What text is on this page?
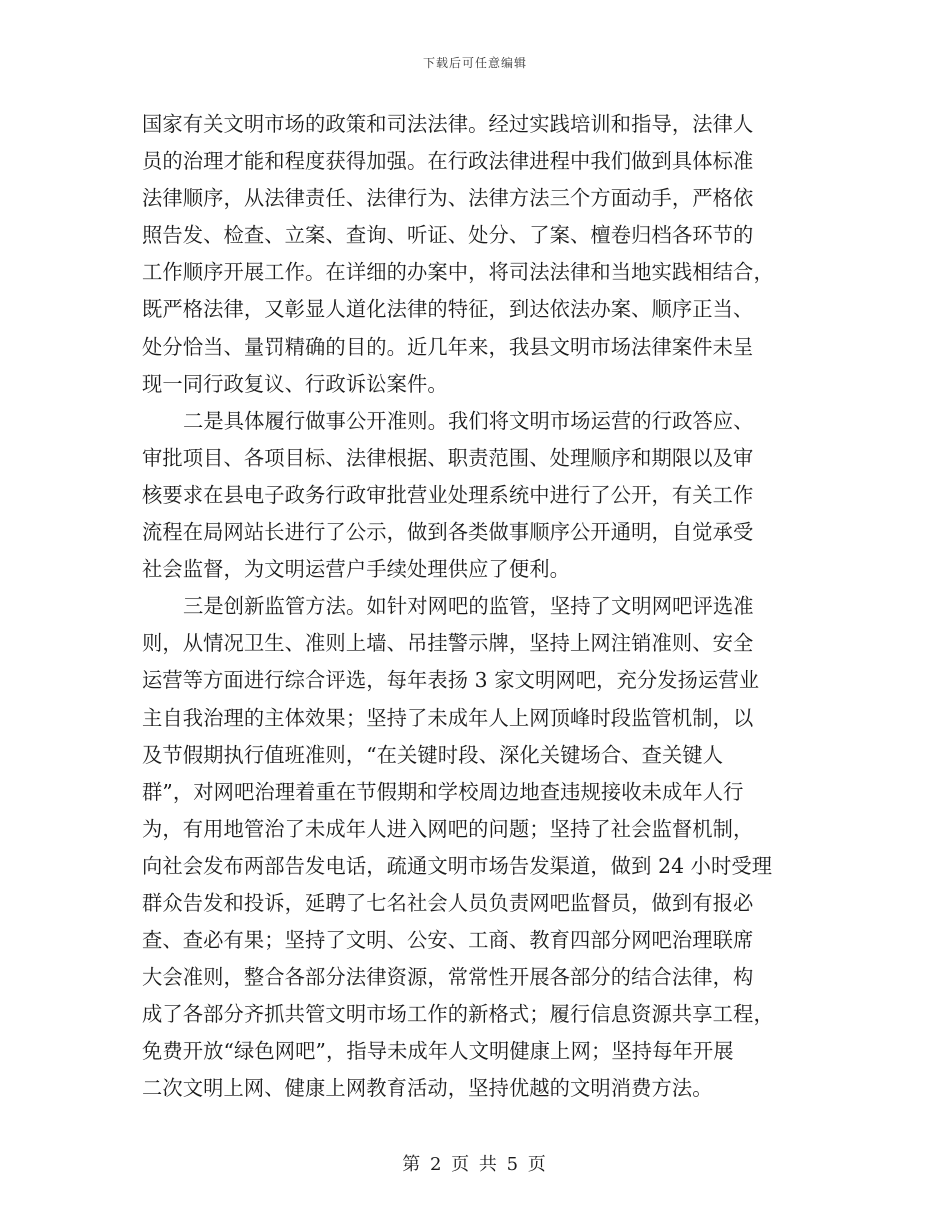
下载后可任意编辑

国家有关文明市场的政策和司法法律。经过实践培训和指导，法律人
员的治理才能和程度获得加强。在行政法律进程中我们做到具体标准
法律顺序，从法律责任、法律行为、法律方法三个方面动手，严格依
照告发、检查、立案、查询、听证、处分、了案、檀卷归档各环节的
工作顺序开展工作。在详细的办案中，将司法法律和当地实践相结合，
既严格法律，又彰显人道化法律的特征，到达依法办案、顺序正当、
处分恰当、量罚精确的目的。近几年来，我县文明市场法律案件未呈
现一同行政复议、行政诉讼案件。

二是具体履行做事公开准则。我们将文明市场运营的行政答应、
审批项目、各项目标、法律根据、职责范围、处理顺序和期限以及审
核要求在县电子政务行政审批营业处理系统中进行了公开，有关工作
流程在局网站长进行了公示，做到各类做事顺序公开通明，自觉承受
社会监督，为文明运营户手续处理供应了便利。

三是创新监管方法。如针对网吧的监管，坚持了文明网吧评选准
则，从情况卫生、准则上墙、吊挂警示牌，坚持上网注销准则、安全
运营等方面进行综合评选，每年表扬 3 家文明网吧，充分发扬运营业
主自我治理的主体效果；坚持了未成年人上网顶峰时段监管机制，以
及节假期执行值班准则，“在关键时段、深化关键场合、查关键人
群”，对网吧治理着重在节假期和学校周边地查违规接收未成年人行
为，有用地管治了未成年人进入网吧的问题；坚持了社会监督机制，
向社会发布两部告发电话，疏通文明市场告发渠道，做到 24 小时受理
群众告发和投诉，延聘了七名社会人员负责网吧监督员，做到有报必
查、查必有果；坚持了文明、公安、工商、教育四部分网吧治理联席
大会准则，整合各部分法律资源，常常性开展各部分的结合法律，构
成了各部分齐抓共管文明市场工作的新格式；履行信息资源共享工程，
免费开放“绿色网吧”，指导未成年人文明健康上网；坚持每年开展
二次文明上网、健康上网教育活动，坚持优越的文明消费方法。

第 2 页 共 5 页
